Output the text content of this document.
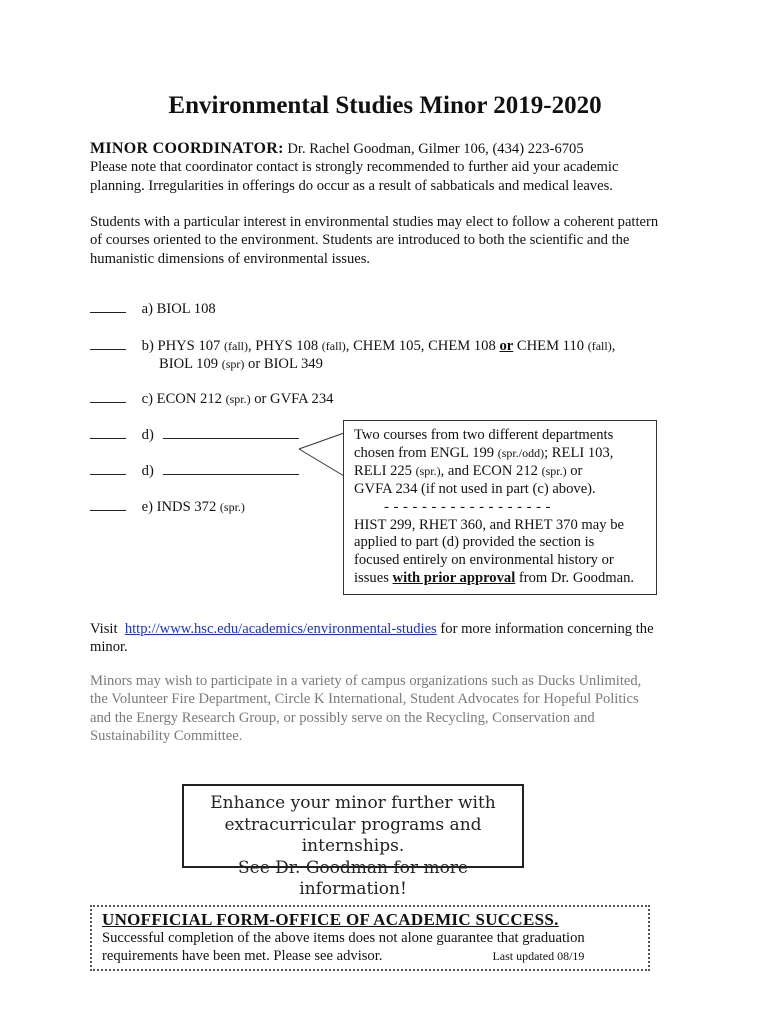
Environmental Studies Minor 2019-2020
MINOR COORDINATOR: Dr. Rachel Goodman, Gilmer 106, (434) 223-6705
Please note that coordinator contact is strongly recommended to further aid your academic
planning. Irregularities in offerings do occur as a result of sabbaticals and medical leaves.
Students with a particular interest in environmental studies may elect to follow a coherent pattern
of courses oriented to the environment. Students are introduced to both the scientific and the
humanistic dimensions of environmental issues.
a) BIOL 108
b) PHYS 107 (fall), PHYS 108 (fall), CHEM 105, CHEM 108 or CHEM 110 (fall),
BIOL 109 (spr) or BIOL 349
c) ECON 212 (spr.) or GVFA 234
d)
d)
e) INDS 372 (spr.)
Two courses from two different departments
chosen from ENGL 199 (spr./odd); RELI 103,
RELI 225 (spr.), and ECON 212 (spr.) or
GVFA 234 (if not used in part (c) above).
- - - - - - - - - - - - - - - - - -
HIST 299, RHET 360, and RHET 370 may be
applied to part (d) provided the section is
focused entirely on environmental history or
issues with prior approval from Dr. Goodman.
Visit http://www.hsc.edu/academics/environmental-studies for more information concerning the
minor.
Minors may wish to participate in a variety of campus organizations such as Ducks Unlimited,
the Volunteer Fire Department, Circle K International, Student Advocates for Hopeful Politics
and the Energy Research Group, or possibly serve on the Recycling, Conservation and
Sustainability Committee.
Enhance your minor further with
extracurricular programs and internships.
See Dr. Goodman for more information!
UNOFFICIAL FORM-OFFICE OF ACADEMIC SUCCESS.
Successful completion of the above items does not alone guarantee that graduation
requirements have been met. Please see advisor.	Last updated 08/19
